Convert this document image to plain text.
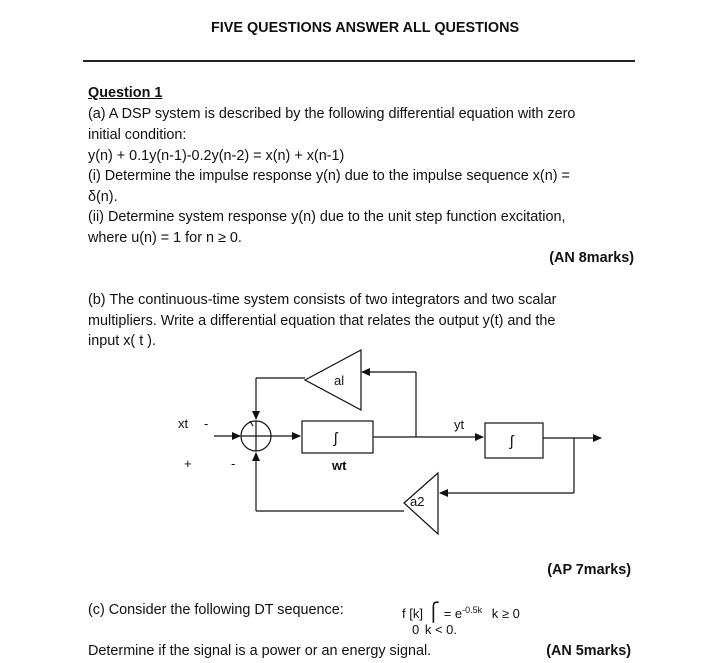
FIVE QUESTIONS ANSWER ALL QUESTIONS
Question 1
(a) A DSP system is described by the following differential equation with zero
initial condition:
y(n) + 0.1y(n-1)-0.2y(n-2) = x(n) + x(n-1)
(i) Determine the impulse response y(n) due to the impulse sequence x(n) =
δ(n).
(ii) Determine system response y(n) due to the unit step function excitation,
where u(n) = 1 for n ≥ 0.
(AN 8marks)
(b) The continuous-time system consists of two integrators and two scalar
multipliers. Write a differential equation that relates the output y(t) and the
input x( t ).
al
a2
xt -
+	-
ʃ	ʃ
wt
yt
(AP 7marks)
(c) Consider the following DT sequence:	f [k] ⎧ = $e^{-0.5k}$ k ≥ 0
0 k < 0.
Determine if the signal is a power or an energy signal.	(AN 5marks)
